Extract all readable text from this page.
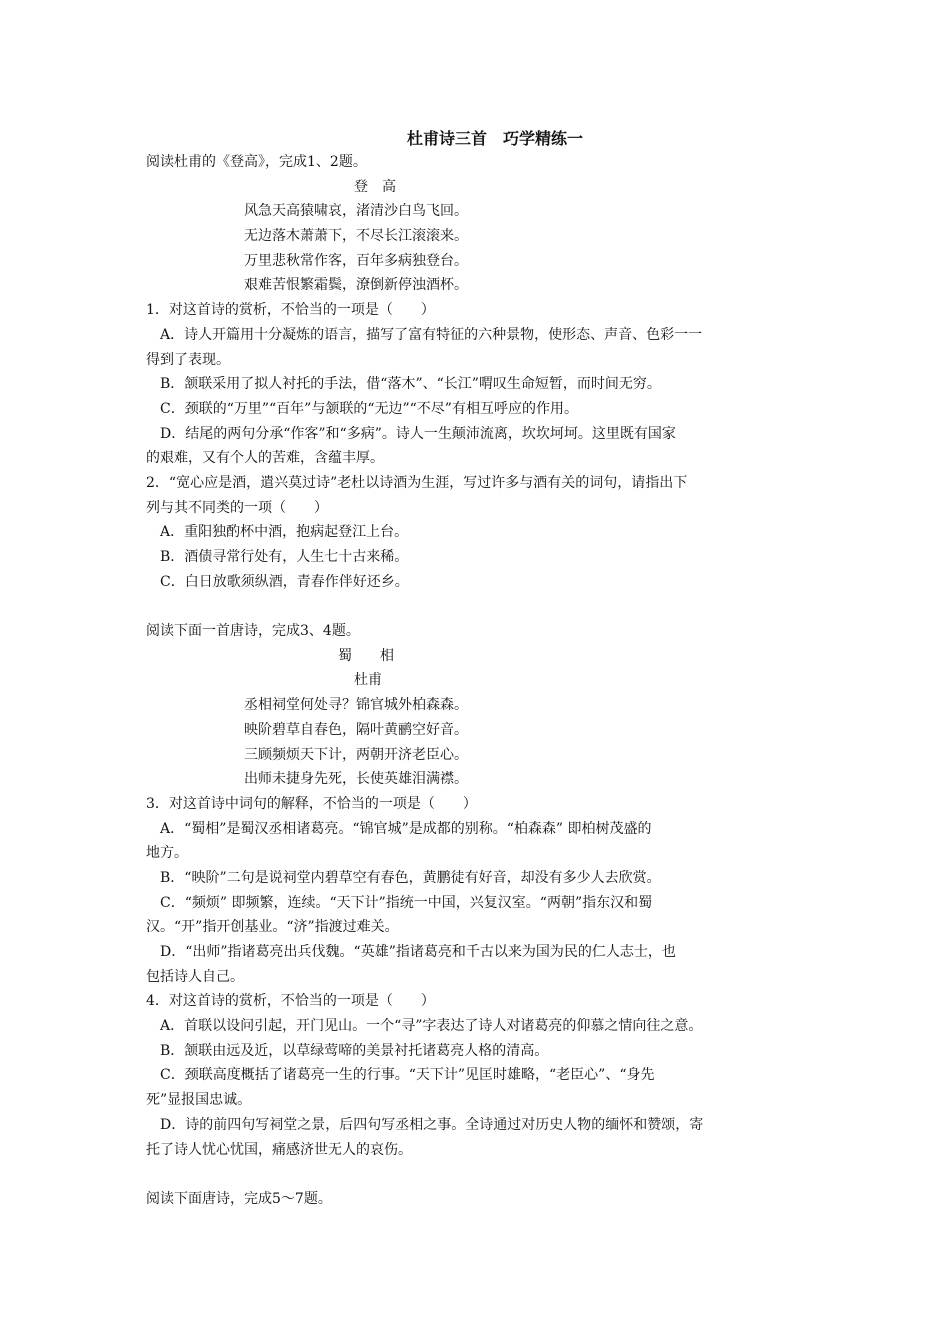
杜甫诗三首　巧学精练一
阅读杜甫的《登高》，完成1、2题。
登　高
风急天高猿啸哀，渚清沙白鸟飞回。
无边落木萧萧下，不尽长江滚滚来。
万里悲秋常作客，百年多病独登台。
艰难苦恨繁霜鬓，潦倒新停浊酒杯。
1．对这首诗的赏析，不恰当的一项是（　　）
A．诗人开篇用十分凝炼的语言，描写了富有特征的六种景物，使形态、声音、色彩一一
得到了表现。
B．颔联采用了拟人衬托的手法，借“落木”、“长江”喟叹生命短暂，而时间无穷。
C．颈联的“万里”“百年”与颔联的“无边”“不尽”有相互呼应的作用。
D．结尾的两句分承“作客”和“多病”。诗人一生颠沛流离，坎坎坷坷。这里既有国家
的艰难，又有个人的苦难，含蕴丰厚。
2．“宽心应是酒，遣兴莫过诗”老杜以诗酒为生涯，写过许多与酒有关的词句，请指出下
列与其不同类的一项（　　）
A．重阳独酌杯中酒，抱病起登江上台。
B．酒债寻常行处有，人生七十古来稀。
C．白日放歌须纵酒，青春作伴好还乡。
阅读下面一首唐诗，完成3、4题。
蜀　　相
杜甫
丞相祠堂何处寻？锦官城外柏森森。
映阶碧草自春色，隔叶黄鹂空好音。
三顾频烦天下计，两朝开济老臣心。
出师未捷身先死，长使英雄泪满襟。
3．对这首诗中词句的解释，不恰当的一项是（　　）
A．“蜀相”是蜀汉丞相诸葛亮。“锦官城”是成都的别称。“柏森森” 即柏树茂盛的
地方。
B．“映阶”二句是说祠堂内碧草空有春色，黄鹏徒有好音，却没有多少人去欣赏。
C．“频烦” 即频繁，连续。“天下计”指统一中国，兴复汉室。“两朝”指东汉和蜀
汉。“开”指开创基业。“济”指渡过难关。
D．“出师”指诸葛亮出兵伐魏。“英雄”指诸葛亮和千古以来为国为民的仁人志士，也
包括诗人自己。
4．对这首诗的赏析，不恰当的一项是（　　）
A．首联以设问引起，开门见山。一个“寻”字表达了诗人对诸葛亮的仰慕之情向往之意。
B．颔联由远及近，以草绿莺啼的美景衬托诸葛亮人格的清高。
C．颈联高度概括了诸葛亮一生的行事。“天下计”见匡时雄略，“老臣心”、“身先
死”显报国忠诚。
D．诗的前四句写祠堂之景，后四句写丞相之事。全诗通过对历史人物的缅怀和赞颂，寄
托了诗人忧心忧国，痛感济世无人的哀伤。
阅读下面唐诗，完成5～7题。
